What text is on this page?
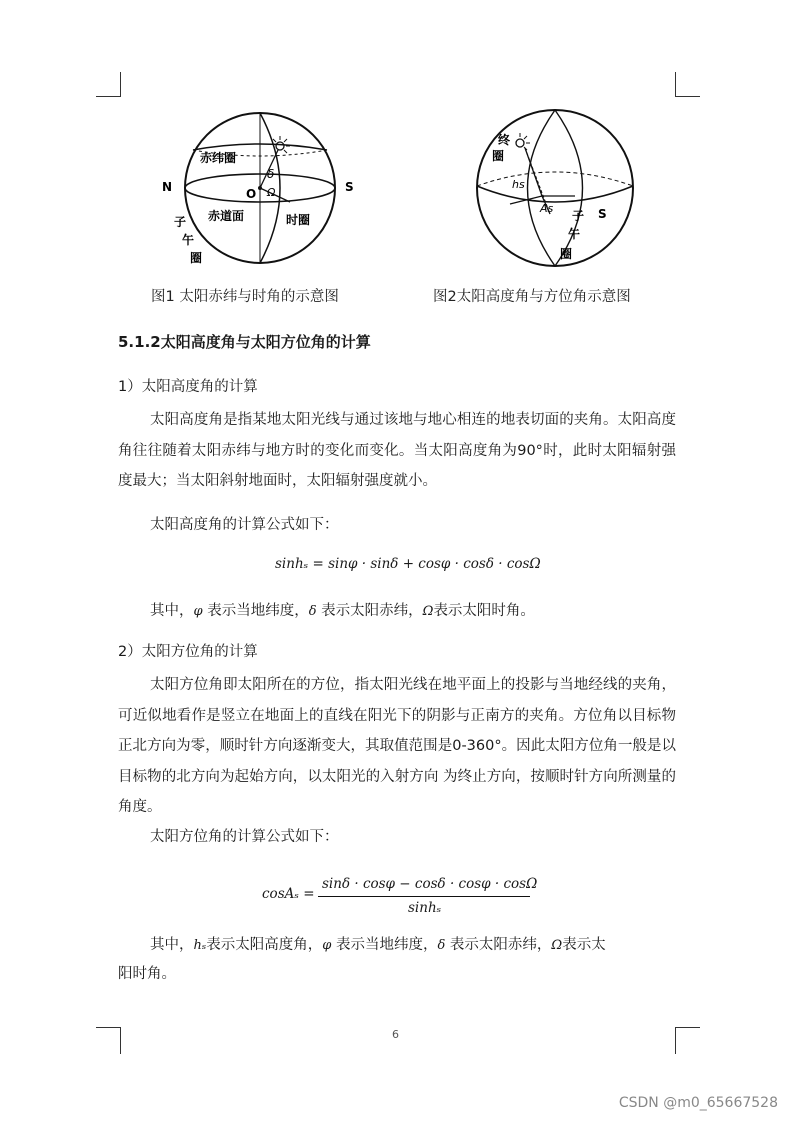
N	S
O
δ
Ω
赤纬圈
赤道面	时圈
子
午
圈
终
圈
hs
As	S
子
午
圈
图1 太阳赤纬与时角的示意图	图2太阳高度角与方位角示意图
5.1.2太阳高度角与太阳方位角的计算
1）太阳高度角的计算

太阳高度角是指某地太阳光线与通过该地与地心相连的地表切面的夹角。太阳高度角往往随着太阳赤纬与地方时的变化而变化。当太阳高度角为90°时，此时太阳辐射强度最大；当太阳斜射地面时，太阳辐射强度就小。

太阳高度角的计算公式如下：
sinhₛ = sinφ · sinδ + cosφ · cosδ · cosΩ
其中，φ 表示当地纬度，δ 表示太阳赤纬，Ω表示太阳时角。
2）太阳方位角的计算

太阳方位角即太阳所在的方位，指太阳光线在地平面上的投影与当地经线的夹角，可近似地看作是竖立在地面上的直线在阳光下的阴影与正南方的夹角。方位角以目标物正北方向为零，顺时针方向逐渐变大，其取值范围是0-360°。因此太阳方位角一般是以目标物的北方向为起始方向，以太阳光的入射方向 为终止方向，按顺时针方向所测量的角度。

太阳方位角的计算公式如下：
cosAₛ =
sinδ · cosφ − cosδ · cosφ · cosΩ
sinhₛ
其中，hₛ表示太阳高度角，φ 表示当地纬度，δ 表示太阳赤纬，Ω表示太
阳时角。
6
CSDN @m0_65667528
